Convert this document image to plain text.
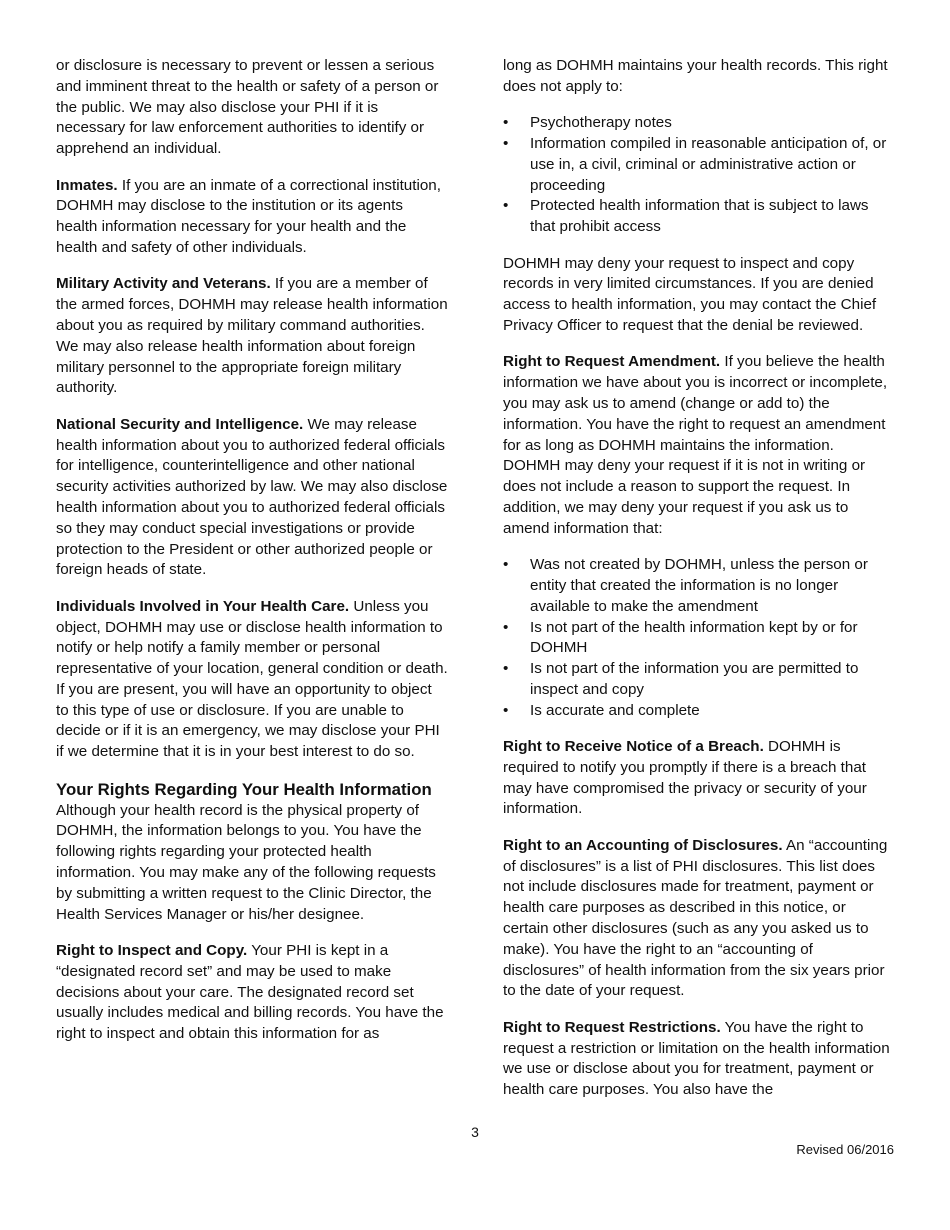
or disclosure is necessary to prevent or lessen a serious and imminent threat to the health or safety of a person or the public. We may also disclose your PHI if it is necessary for law enforcement authorities to identify or apprehend an individual.

Inmates. If you are an inmate of a correctional institution, DOHMH may disclose to the institution or its agents health information necessary for your health and the health and safety of other individuals.

Military Activity and Veterans. If you are a member of the armed forces, DOHMH may release health information about you as required by military command authorities. We may also release health information about foreign military personnel to the appropriate foreign military authority.

National Security and Intelligence. We may release health information about you to authorized federal officials for intelligence, counterintelligence and other national security activities authorized by law. We may also disclose health information about you to authorized federal officials so they may conduct special investigations or provide protection to the President or other authorized people or foreign heads of state.

Individuals Involved in Your Health Care. Unless you object, DOHMH may use or disclose health information to notify or help notify a family member or personal representative of your location, general condition or death. If you are present, you will have an opportunity to object to this type of use or disclosure. If you are unable to decide or if it is an emergency, we may disclose your PHI if we determine that it is in your best interest to do so.

Your Rights Regarding Your Health Information

Although your health record is the physical property of DOHMH, the information belongs to you. You have the following rights regarding your protected health information. You may make any of the following requests by submitting a written request to the Clinic Director, the Health Services Manager or his/her designee.

Right to Inspect and Copy. Your PHI is kept in a “designated record set” and may be used to make decisions about your care. The designated record set usually includes medical and billing records. You have the right to inspect and obtain this information for as

long as DOHMH maintains your health records. This right does not apply to:

• Psychotherapy notes
• Information compiled in reasonable anticipation of, or use in, a civil, criminal or administrative action or proceeding
• Protected health information that is subject to laws that prohibit access

DOHMH may deny your request to inspect and copy records in very limited circumstances. If you are denied access to health information, you may contact the Chief Privacy Officer to request that the denial be reviewed.

Right to Request Amendment. If you believe the health information we have about you is incorrect or incomplete, you may ask us to amend (change or add to) the information. You have the right to request an amendment for as long as DOHMH maintains the information. DOHMH may deny your request if it is not in writing or does not include a reason to support the request. In addition, we may deny your request if you ask us to amend information that:

• Was not created by DOHMH, unless the person or entity that created the information is no longer available to make the amendment
• Is not part of the health information kept by or for DOHMH
• Is not part of the information you are permitted to inspect and copy
• Is accurate and complete

Right to Receive Notice of a Breach. DOHMH is required to notify you promptly if there is a breach that may have compromised the privacy or security of your information.

Right to an Accounting of Disclosures. An “accounting of disclosures” is a list of PHI disclosures. This list does not include disclosures made for treatment, payment or health care purposes as described in this notice, or certain other disclosures (such as any you asked us to make). You have the right to an “accounting of disclosures” of health information from the six years prior to the date of your request.

Right to Request Restrictions. You have the right to request a restriction or limitation on the health information we use or disclose about you for treatment, payment or health care purposes. You also have the

3
Revised 06/2016
